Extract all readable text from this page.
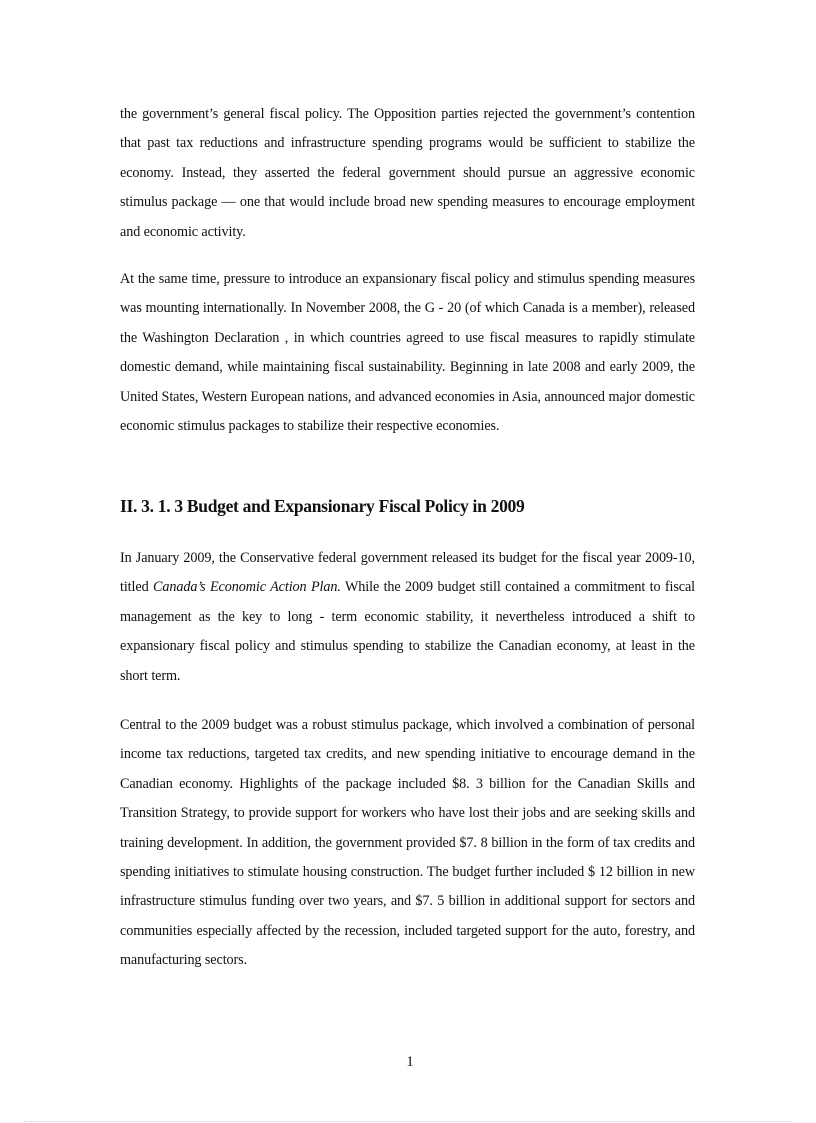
the government’s general fiscal policy. The Opposition parties rejected the government’s contention that past tax reductions and infrastructure spending programs would be sufficient to stabilize the economy. Instead, they asserted the federal government should pursue an aggressive economic stimulus package — one that would include broad new spending measures to encourage employment and economic activity.

At the same time, pressure to introduce an expansionary fiscal policy and stimulus spending measures was mounting internationally. In November 2008, the G - 20 (of which Canada is a member), released the Washington Declaration , in which countries agreed to use fiscal measures to rapidly stimulate domestic demand, while maintaining fiscal sustainability. Beginning in late 2008 and early 2009, the United States, Western European nations, and advanced economies in Asia, announced major domestic economic stimulus packages to stabilize their respective economies.

II. 3. 1. 3 Budget and Expansionary Fiscal Policy in 2009

In January 2009, the Conservative federal government released its budget for the fiscal year 2009-10, titled Canada’s Economic Action Plan. While the 2009 budget still contained a commitment to fiscal management as the key to long - term economic stability, it nevertheless introduced a shift to expansionary fiscal policy and stimulus spending to stabilize the Canadian economy, at least in the short term.

Central to the 2009 budget was a robust stimulus package, which involved a combination of personal income tax reductions, targeted tax credits, and new spending initiative to encourage demand in the Canadian economy. Highlights of the package included $8. 3 billion for the Canadian Skills and Transition Strategy, to provide support for workers who have lost their jobs and are seeking skills and training development. In addition, the government provided $7. 8 billion in the form of tax credits and spending initiatives to stimulate housing construction. The budget further included $ 12 billion in new infrastructure stimulus funding over two years, and $7. 5 billion in additional support for sectors and communities especially affected by the recession, included targeted support for the auto, forestry, and manufacturing sectors.

1
